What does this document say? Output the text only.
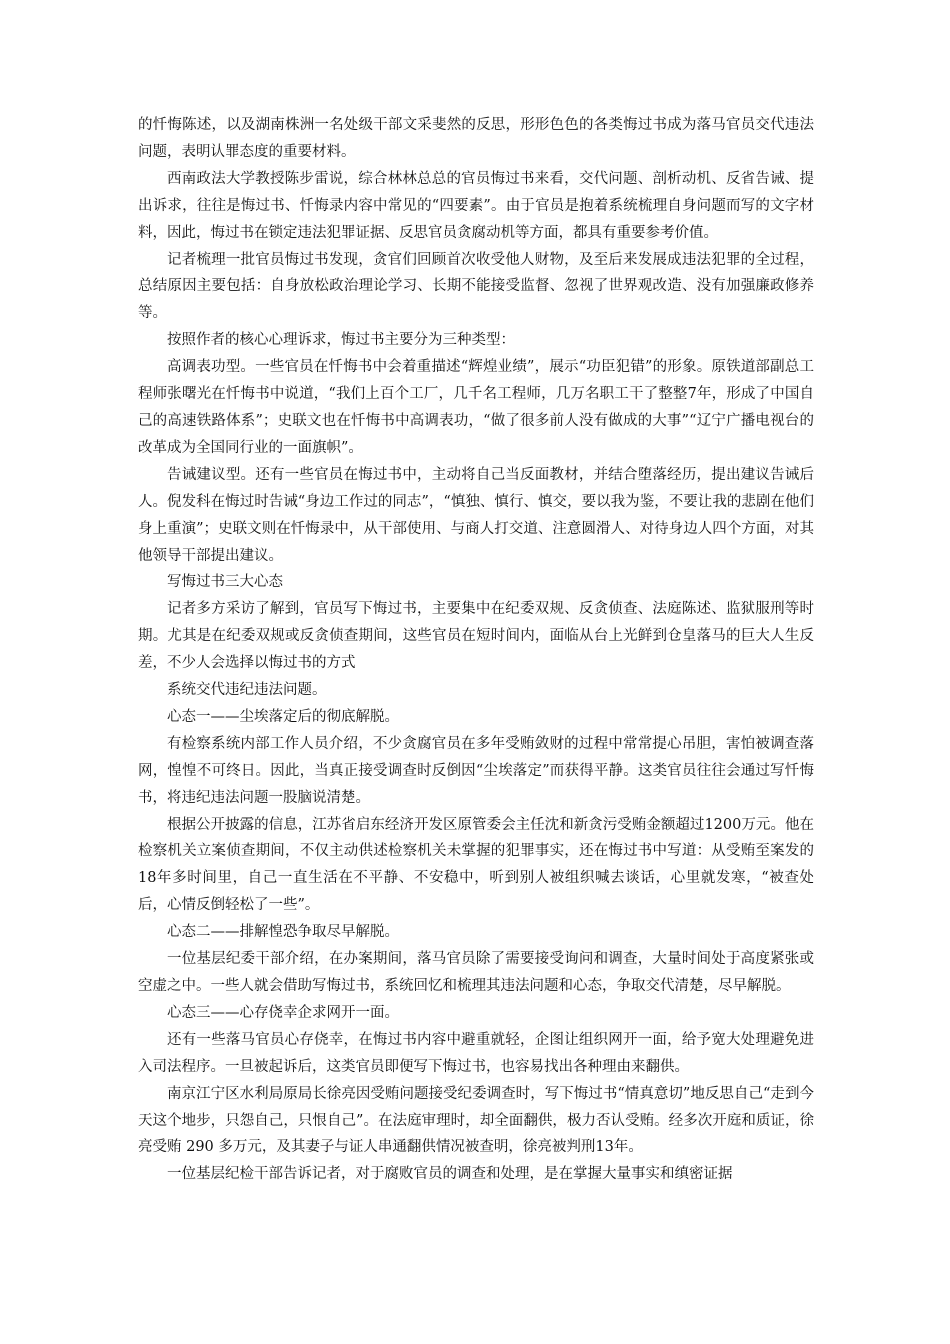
的忏悔陈述，以及湖南株洲一名处级干部文采斐然的反思，形形色色的各类悔过书成为落马官员交代违法问题，表明认罪态度的重要材料。

西南政法大学教授陈步雷说，综合林林总总的官员悔过书来看，交代问题、剖析动机、反省告诫、提出诉求，往往是悔过书、忏悔录内容中常见的“四要素”。由于官员是抱着系统梳理自身问题而写的文字材料，因此，悔过书在锁定违法犯罪证据、反思官员贪腐动机等方面，都具有重要参考价值。

记者梳理一批官员悔过书发现，贪官们回顾首次收受他人财物，及至后来发展成违法犯罪的全过程，总结原因主要包括：自身放松政治理论学习、长期不能接受监督、忽视了世界观改造、没有加强廉政修养等。

按照作者的核心心理诉求，悔过书主要分为三种类型：

高调表功型。一些官员在忏悔书中会着重描述“辉煌业绩”，展示“功臣犯错”的形象。原铁道部副总工程师张曙光在忏悔书中说道，“我们上百个工厂，几千名工程师，几万名职工干了整整7年，形成了中国自己的高速铁路体系”；史联文也在忏悔书中高调表功，“做了很多前人没有做成的大事”“辽宁广播电视台的改革成为全国同行业的一面旗帜”。

告诫建议型。还有一些官员在悔过书中，主动将自己当反面教材，并结合堕落经历，提出建议告诫后人。倪发科在悔过时告诫“身边工作过的同志”，“慎独、慎行、慎交，要以我为鉴，不要让我的悲剧在他们身上重演”；史联文则在忏悔录中，从干部使用、与商人打交道、注意圆滑人、对待身边人四个方面，对其他领导干部提出建议。

写悔过书三大心态

记者多方采访了解到，官员写下悔过书，主要集中在纪委双规、反贪侦查、法庭陈述、监狱服刑等时期。尤其是在纪委双规或反贪侦查期间，这些官员在短时间内，面临从台上光鲜到仓皇落马的巨大人生反差，不少人会选择以悔过书的方式

系统交代违纪违法问题。

心态一——尘埃落定后的彻底解脱。

有检察系统内部工作人员介绍，不少贪腐官员在多年受贿敛财的过程中常常提心吊胆，害怕被调查落网，惶惶不可终日。因此，当真正接受调查时反倒因“尘埃落定”而获得平静。这类官员往往会通过写忏悔书，将违纪违法问题一股脑说清楚。

根据公开披露的信息，江苏省启东经济开发区原管委会主任沈和新贪污受贿金额超过1200万元。他在检察机关立案侦查期间，不仅主动供述检察机关未掌握的犯罪事实，还在悔过书中写道：从受贿至案发的18年多时间里，自己一直生活在不平静、不安稳中，听到别人被组织喊去谈话，心里就发寒，“被查处后，心情反倒轻松了一些”。

心态二——排解惶恐争取尽早解脱。

一位基层纪委干部介绍，在办案期间，落马官员除了需要接受询问和调查，大量时间处于高度紧张或空虚之中。一些人就会借助写悔过书，系统回忆和梳理其违法问题和心态，争取交代清楚，尽早解脱。

心态三——心存侥幸企求网开一面。

还有一些落马官员心存侥幸，在悔过书内容中避重就轻，企图让组织网开一面，给予宽大处理避免进入司法程序。一旦被起诉后，这类官员即便写下悔过书，也容易找出各种理由来翻供。

南京江宁区水利局原局长徐亮因受贿问题接受纪委调查时，写下悔过书“情真意切”地反思自己“走到今天这个地步，只怨自己，只恨自己”。在法庭审理时，却全面翻供，极力否认受贿。经多次开庭和质证，徐亮受贿 290 多万元，及其妻子与证人串通翻供情况被查明，徐亮被判刑13年。

一位基层纪检干部告诉记者，对于腐败官员的调查和处理，是在掌握大量事实和缜密证据
